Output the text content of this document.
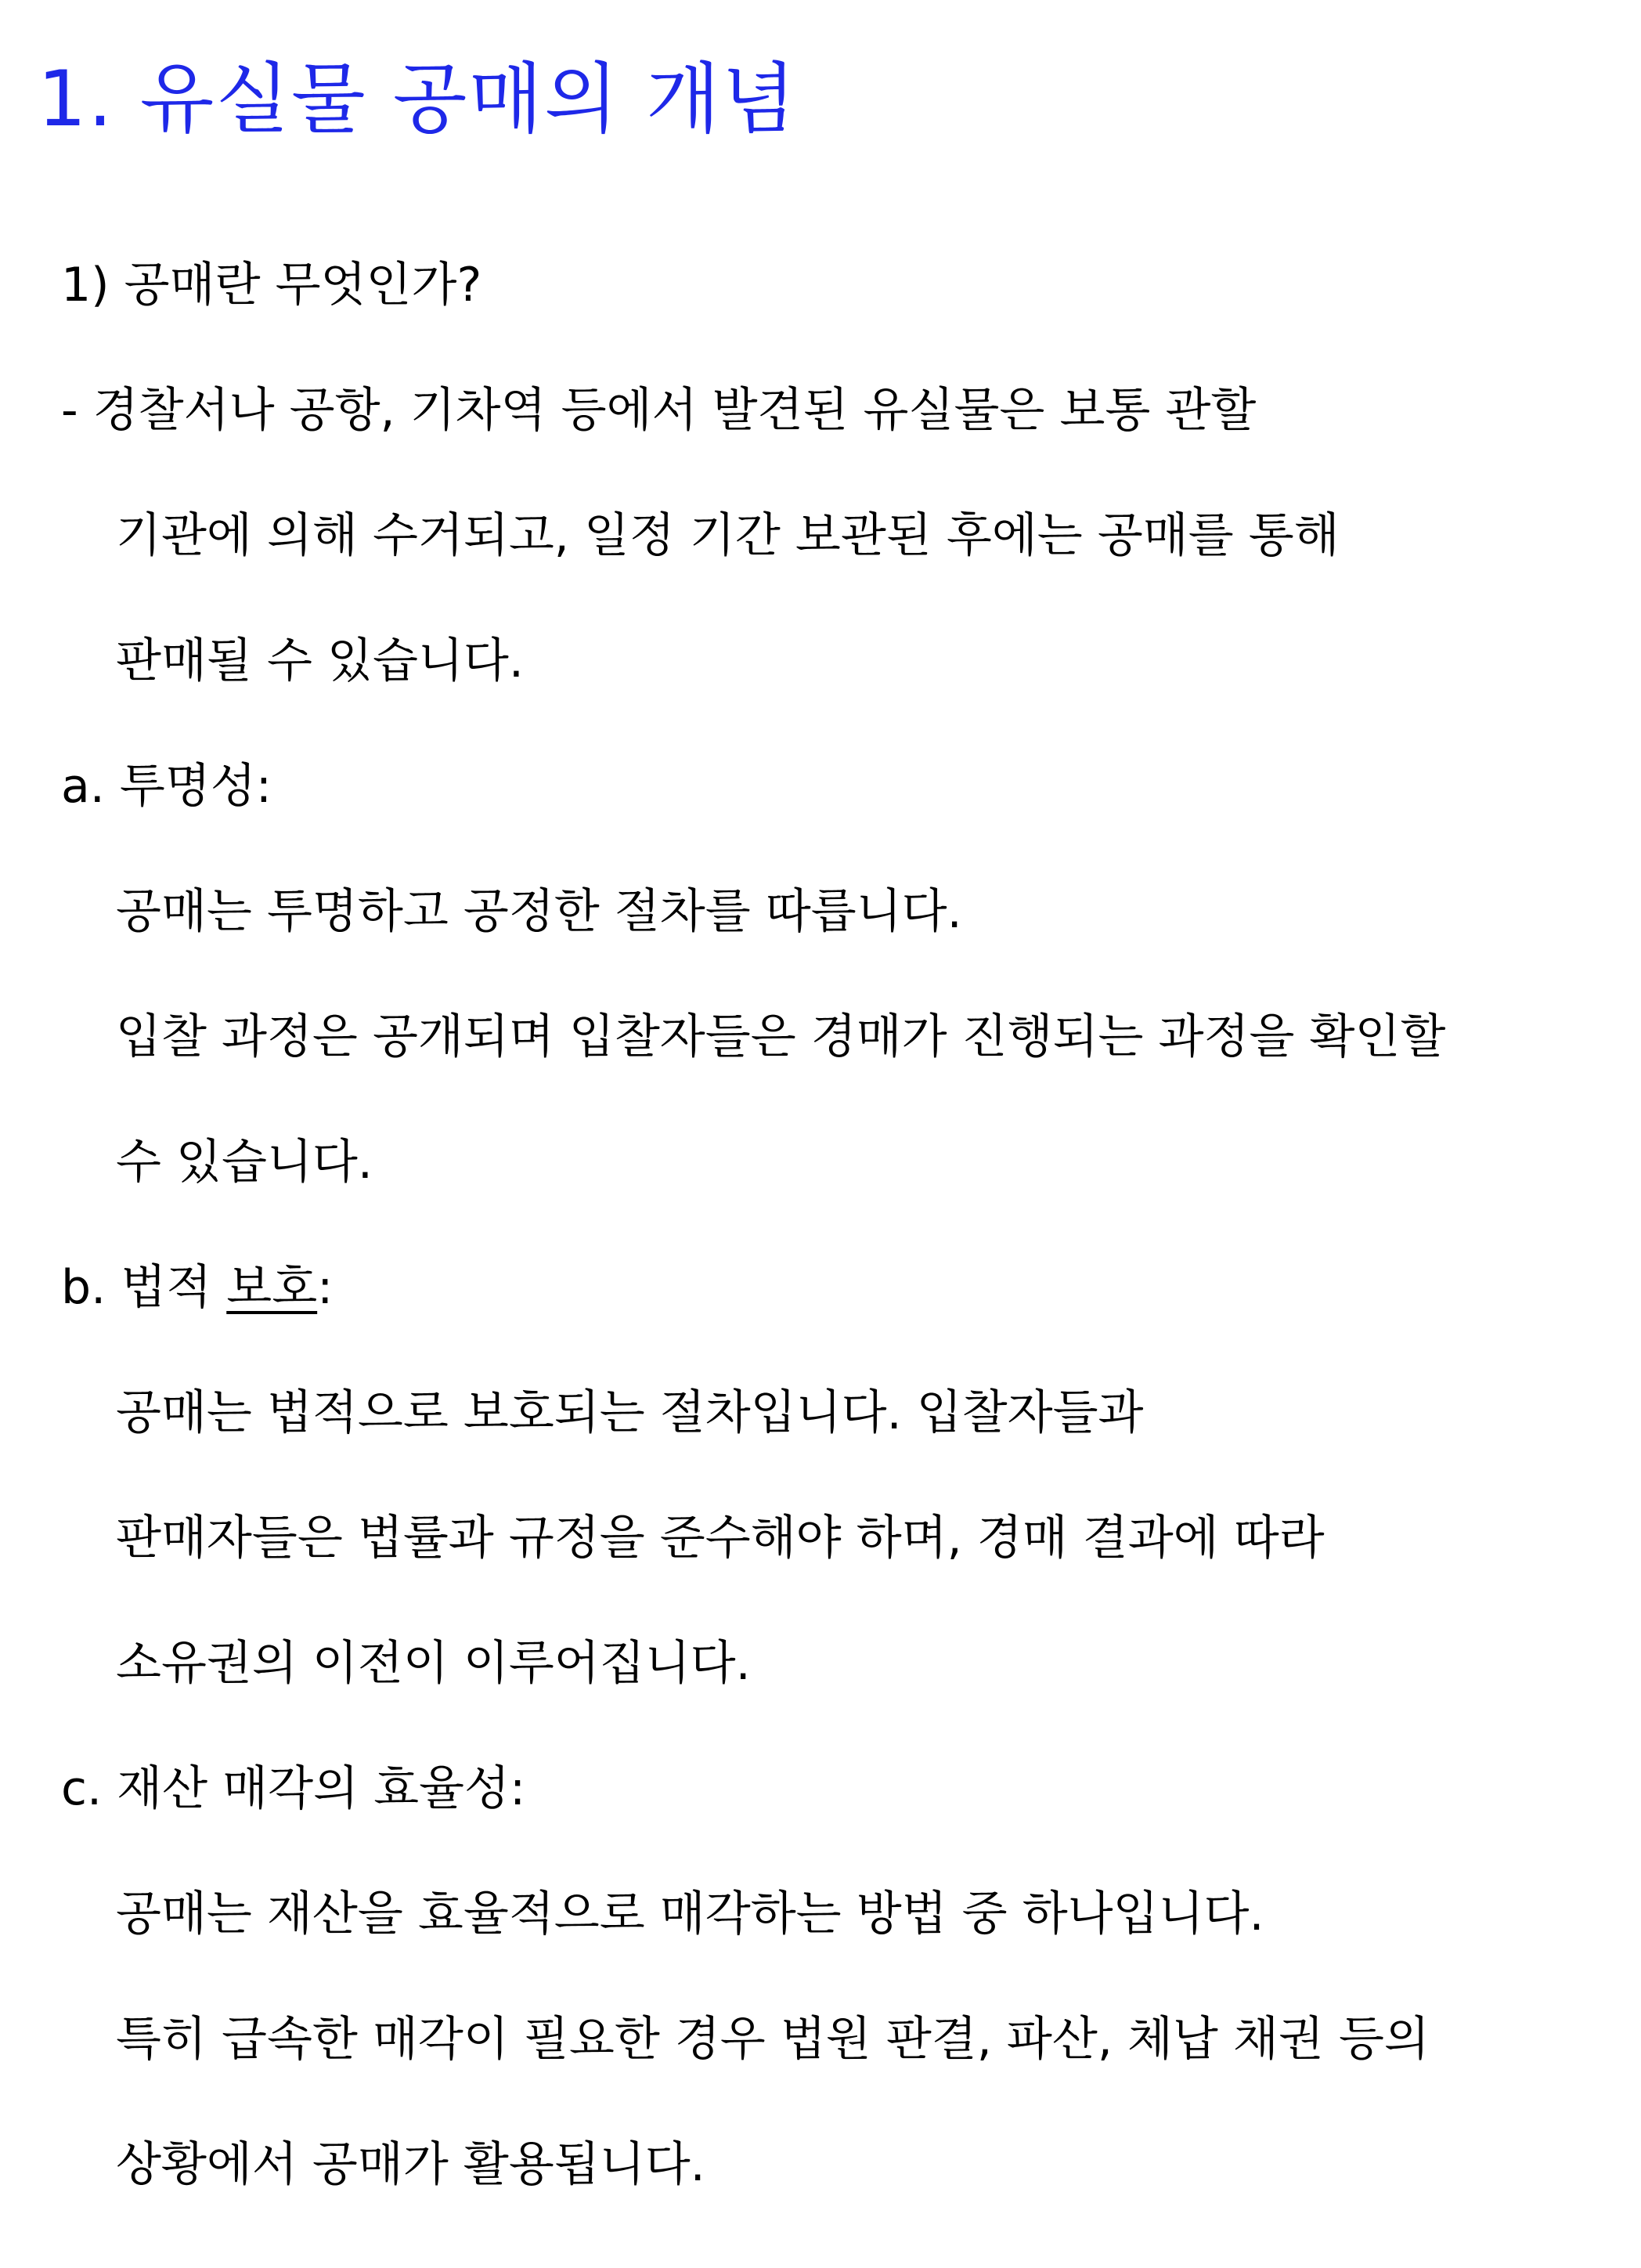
1. 유실물 공매의 개념
1) 공매란 무엇인가?
- 경찰서나 공항, 기차역 등에서 발견된 유실물은 보통 관할
기관에 의해 수거되고, 일정 기간 보관된 후에는 공매를 통해
판매될 수 있습니다.
a. 투명성:
공매는 투명하고 공정한 절차를 따릅니다.
입찰 과정은 공개되며 입찰자들은 경매가 진행되는 과정을 확인할
수 있습니다.
b. 법적 보호:
공매는 법적으로 보호되는 절차입니다. 입찰자들과
판매자들은 법률과 규정을 준수해야 하며, 경매 결과에 따라
소유권의 이전이 이루어집니다.
c. 재산 매각의 효율성:
공매는 재산을 효율적으로 매각하는 방법 중 하나입니다.
특히 급속한 매각이 필요한 경우 법원 판결, 파산, 체납 채권 등의
상황에서 공매가 활용됩니다.
